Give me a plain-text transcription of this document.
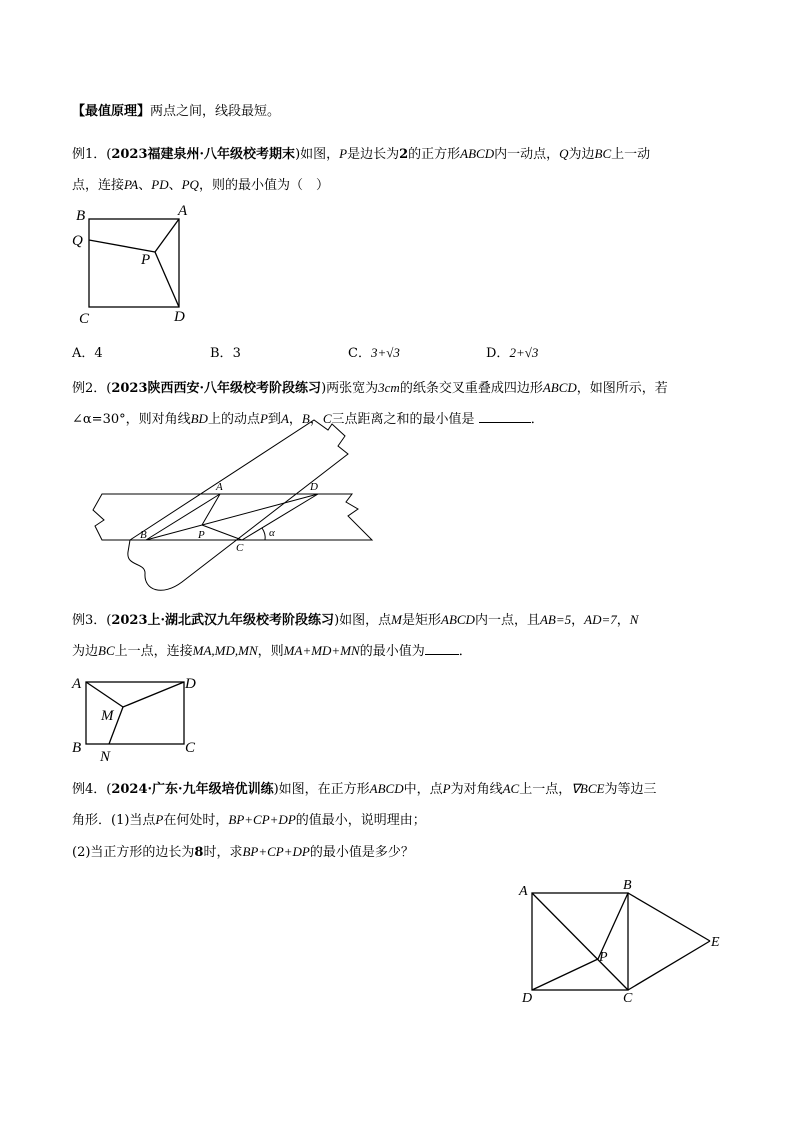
【最值原理】两点之间，线段最短。
例1．(2023福建泉州·八年级校考期末)如图，P是边长为2的正方形ABCD内一动点，Q为边BC上一动
点，连接PA、PD、PQ，则的最小值为（　）
B	A
Q
P
C	D
A．4	B．3	C．3+√3	D．2+√3
例2．(2023陕西西安·八年级校考阶段练习)两张宽为3cm的纸条交叉重叠成四边形ABCD，如图所示，若
∠α=30°，则对角线BD上的动点P到A，B，C三点距离之和的最小值是	．
A	D
B	P
C
α
例3．(2023上·湖北武汉九年级校考阶段练习)如图，点M是矩形ABCD内一点，且AB=5，AD=7，N
为边BC上一点，连接MA,MD,MN，则MA+MD+MN的最小值为	．
A	D
M
B
N
C
例4．(2024·广东·九年级培优训练)如图，在正方形ABCD中，点P为对角线AC上一点，∇BCE为等边三
角形．(1)当点P在何处时，BP+CP+DP的值最小，说明理由；
(2)当正方形的边长为8时，求BP+CP+DP的最小值是多少？
A	B
E
P
D	C
